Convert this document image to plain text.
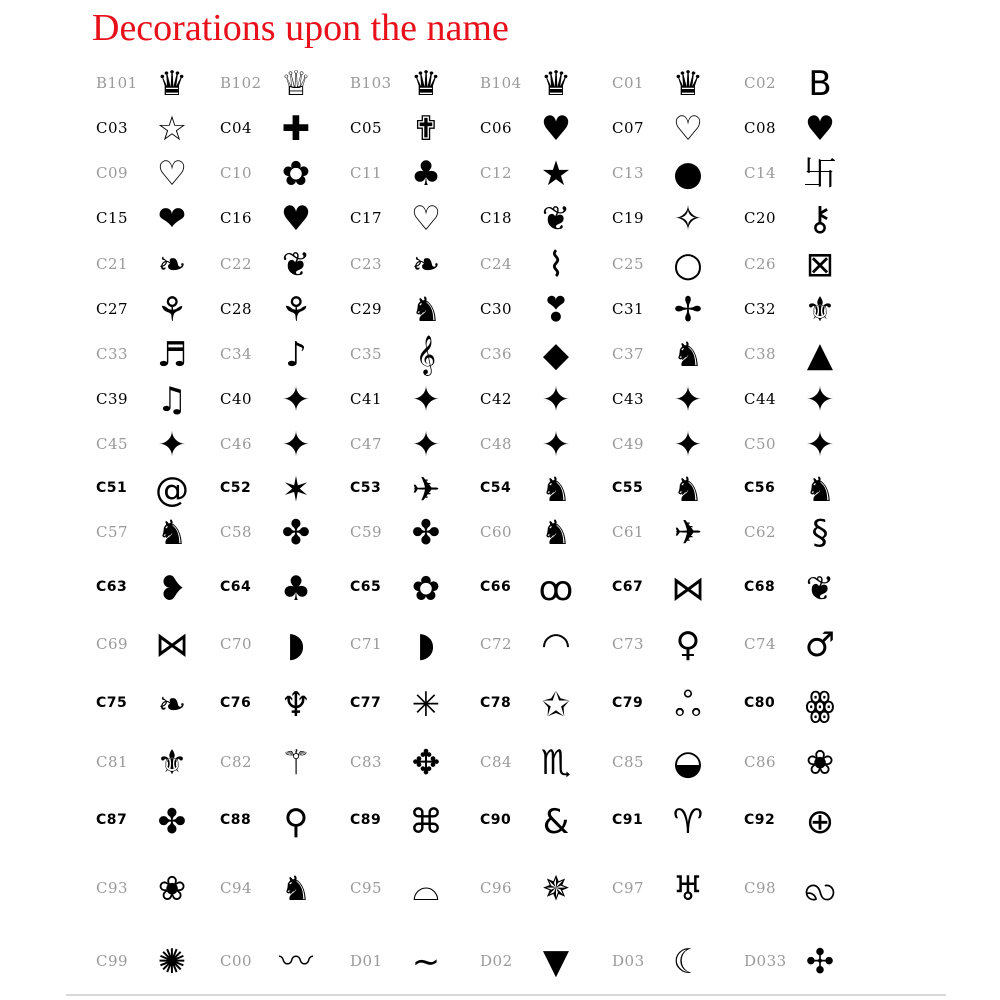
Decorations upon the name
B101 ♛	B102 ♕	B103 ♛	B104 ♛	C01 ♛	C02 B
C03 ☆	C04 ✚	C05 ✟	C06 ♥	C07 ♡	C08 ♥
C09 ♡	C10 ✿	C11 ♣	C12 ★	C13 ●	C14 卐
C15 ❤	C16 ♥	C17 ♡	C18 ❦	C19 ✧	C20 ⚷
C21 ❧	C22 ❦	C23 ❧	C24	⌇	C25 ○	C26 ⊠
C27 ⚘	C28 ⚘	C29 ♞	C30 ❣	C31 ✢	C32 ⚜
C33 ♬	C34 ♪	C35 𝄞	C36 ◆	C37 ♞	C38 ▲
C39 ♫	C40 ✦	C41 ✦	C42 ✦	C43 ✦	C44 ✦
C45 ✦	C46 ✦	C47 ✦	C48 ✦	C49 ✦	C50 ✦
C51 @	C52 ✶	C53 ✈	C54 ♞	C55 ♞	C56 ♞
C57 ♞	C58 ✤	C59 ✤	C60 ♞	C61 ✈	C62	§
C63 ❥	C64 ♣	C65 ✿	C66 ꝏ	C67 ⋈	C68 ❦
C69 ⋈	C70	◗	C71	◗	C72 ◠	C73 ♀	C74 ♂
C75 ❧	C76 ♆	C77 ✳	C78 ✩	C79 ஃ	C80 ꙮ
C81 ⚜	C82 ⚚	C83 ✥	C84 ♏	C85 ◒	C86 ❀
C87 ✤	C88 ⚲	C89 ⌘	C90 &	C91 ♈	C92 ⊕
C93 ❀	C94 ♞	C95 ⌓	C96 ✵	C97 ♅	C98 ꩮ
C99 ✺	C00 〰	D01 ∼	D02 ▼	D03 ☾	D033 ✣
